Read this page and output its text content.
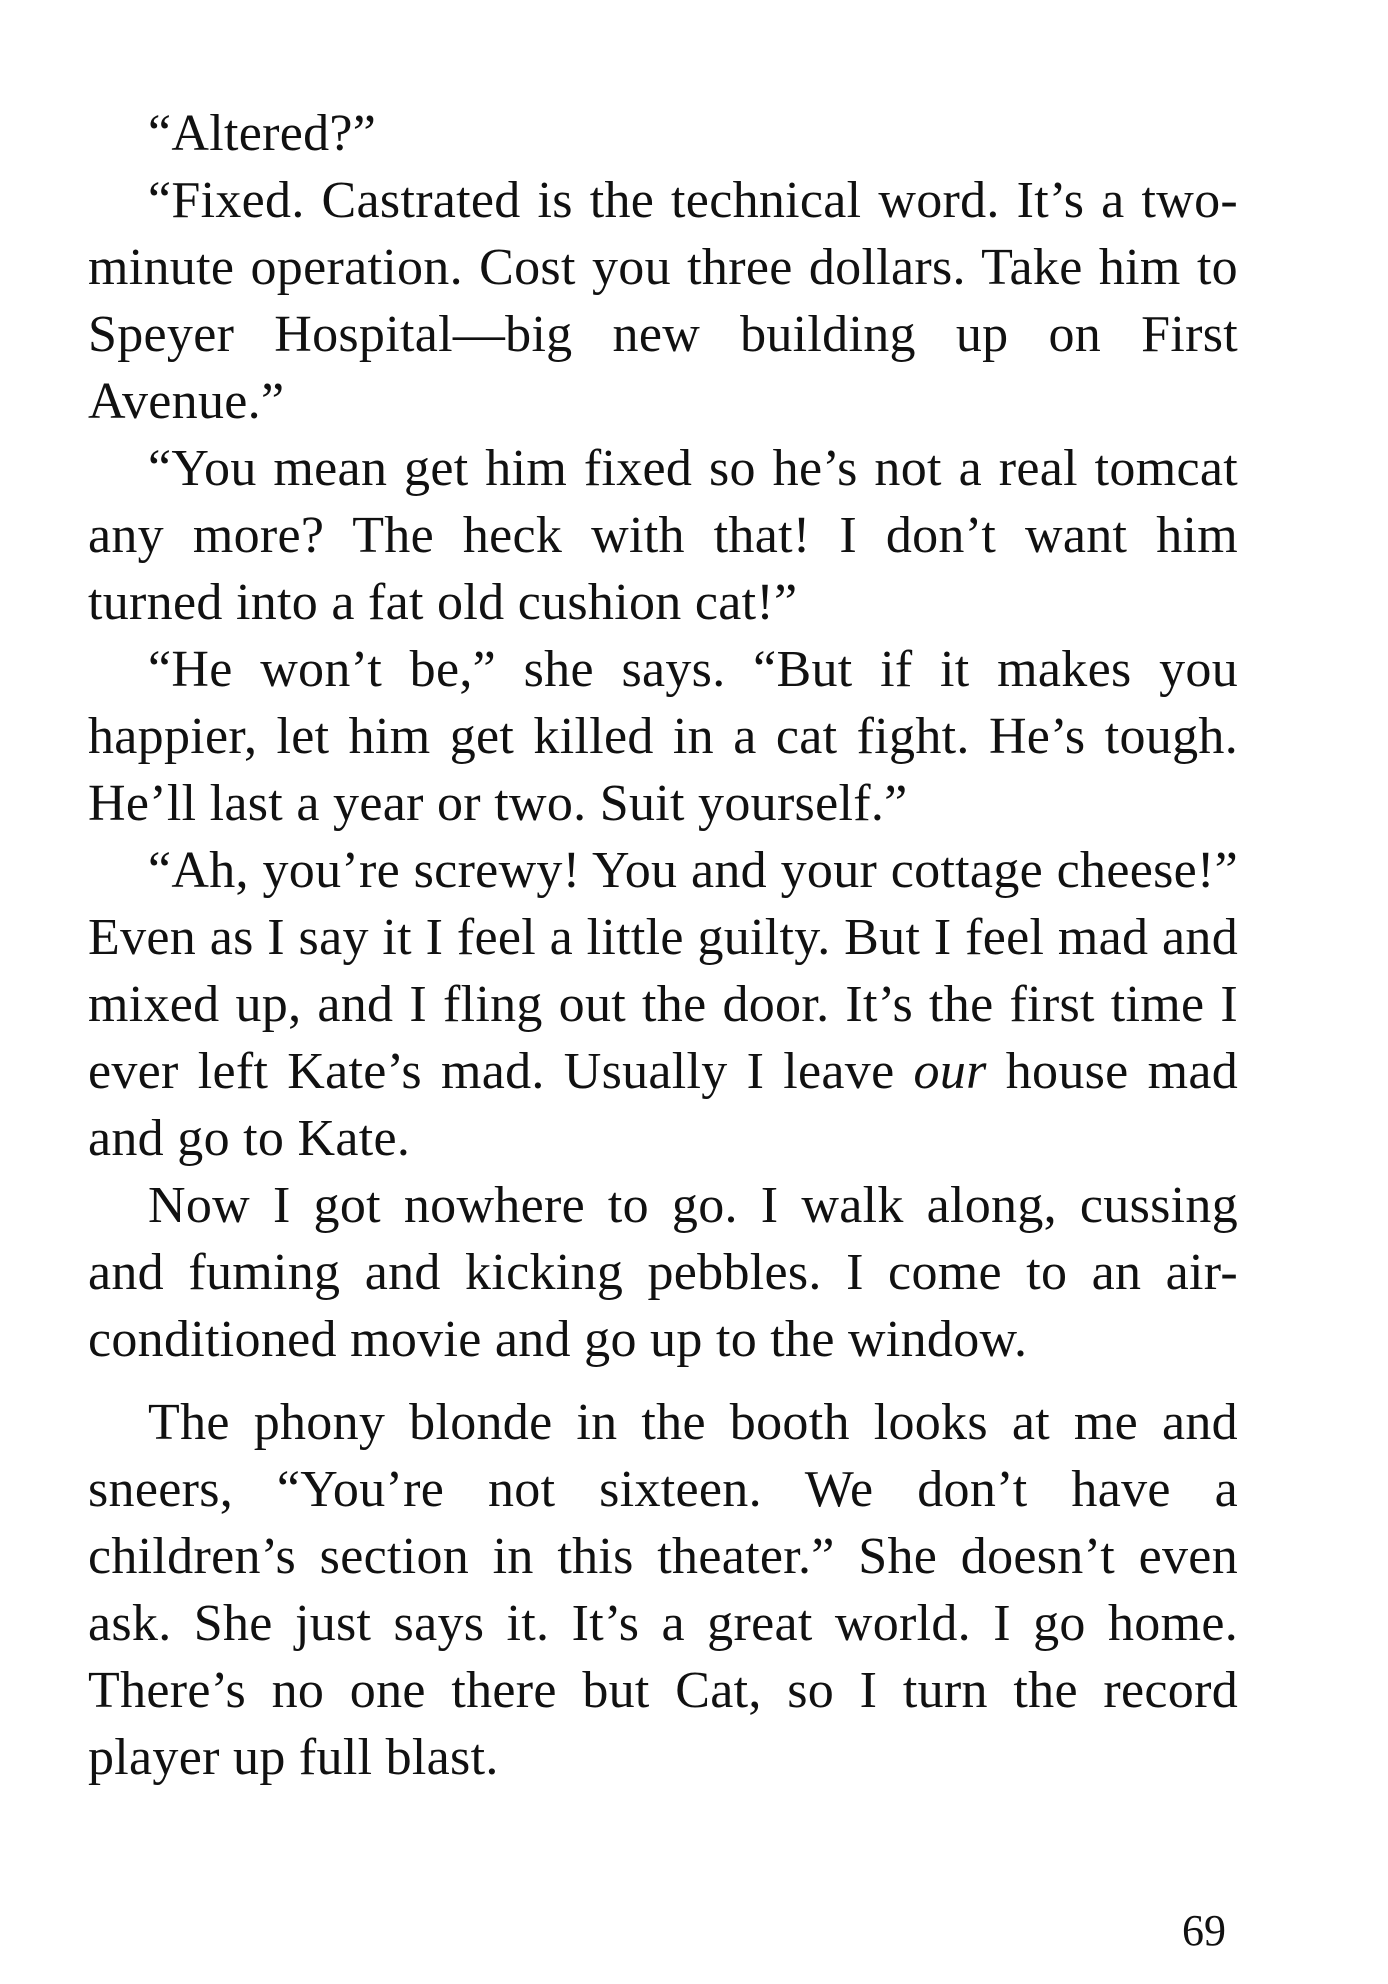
“Altered?”

“Fixed. Castrated is the technical word. It’s a two-minute operation. Cost you three dollars. Take him to Speyer Hospital—big new building up on First Avenue.”

“You mean get him fixed so he’s not a real tomcat any more? The heck with that! I don’t want him turned into a fat old cushion cat!”

“He won’t be,” she says. “But if it makes you happier, let him get killed in a cat fight. He’s tough. He’ll last a year or two. Suit yourself.”

“Ah, you’re screwy! You and your cottage cheese!” Even as I say it I feel a little guilty. But I feel mad and mixed up, and I fling out the door. It’s the first time I ever left Kate’s mad. Usually I leave our house mad and go to Kate.

Now I got nowhere to go. I walk along, cussing and fuming and kicking pebbles. I come to an air-conditioned movie and go up to the window.

The phony blonde in the booth looks at me and sneers, “You’re not sixteen. We don’t have a children’s section in this theater.” She doesn’t even ask. She just says it. It’s a great world. I go home. There’s no one there but Cat, so I turn the record player up full blast.

69
